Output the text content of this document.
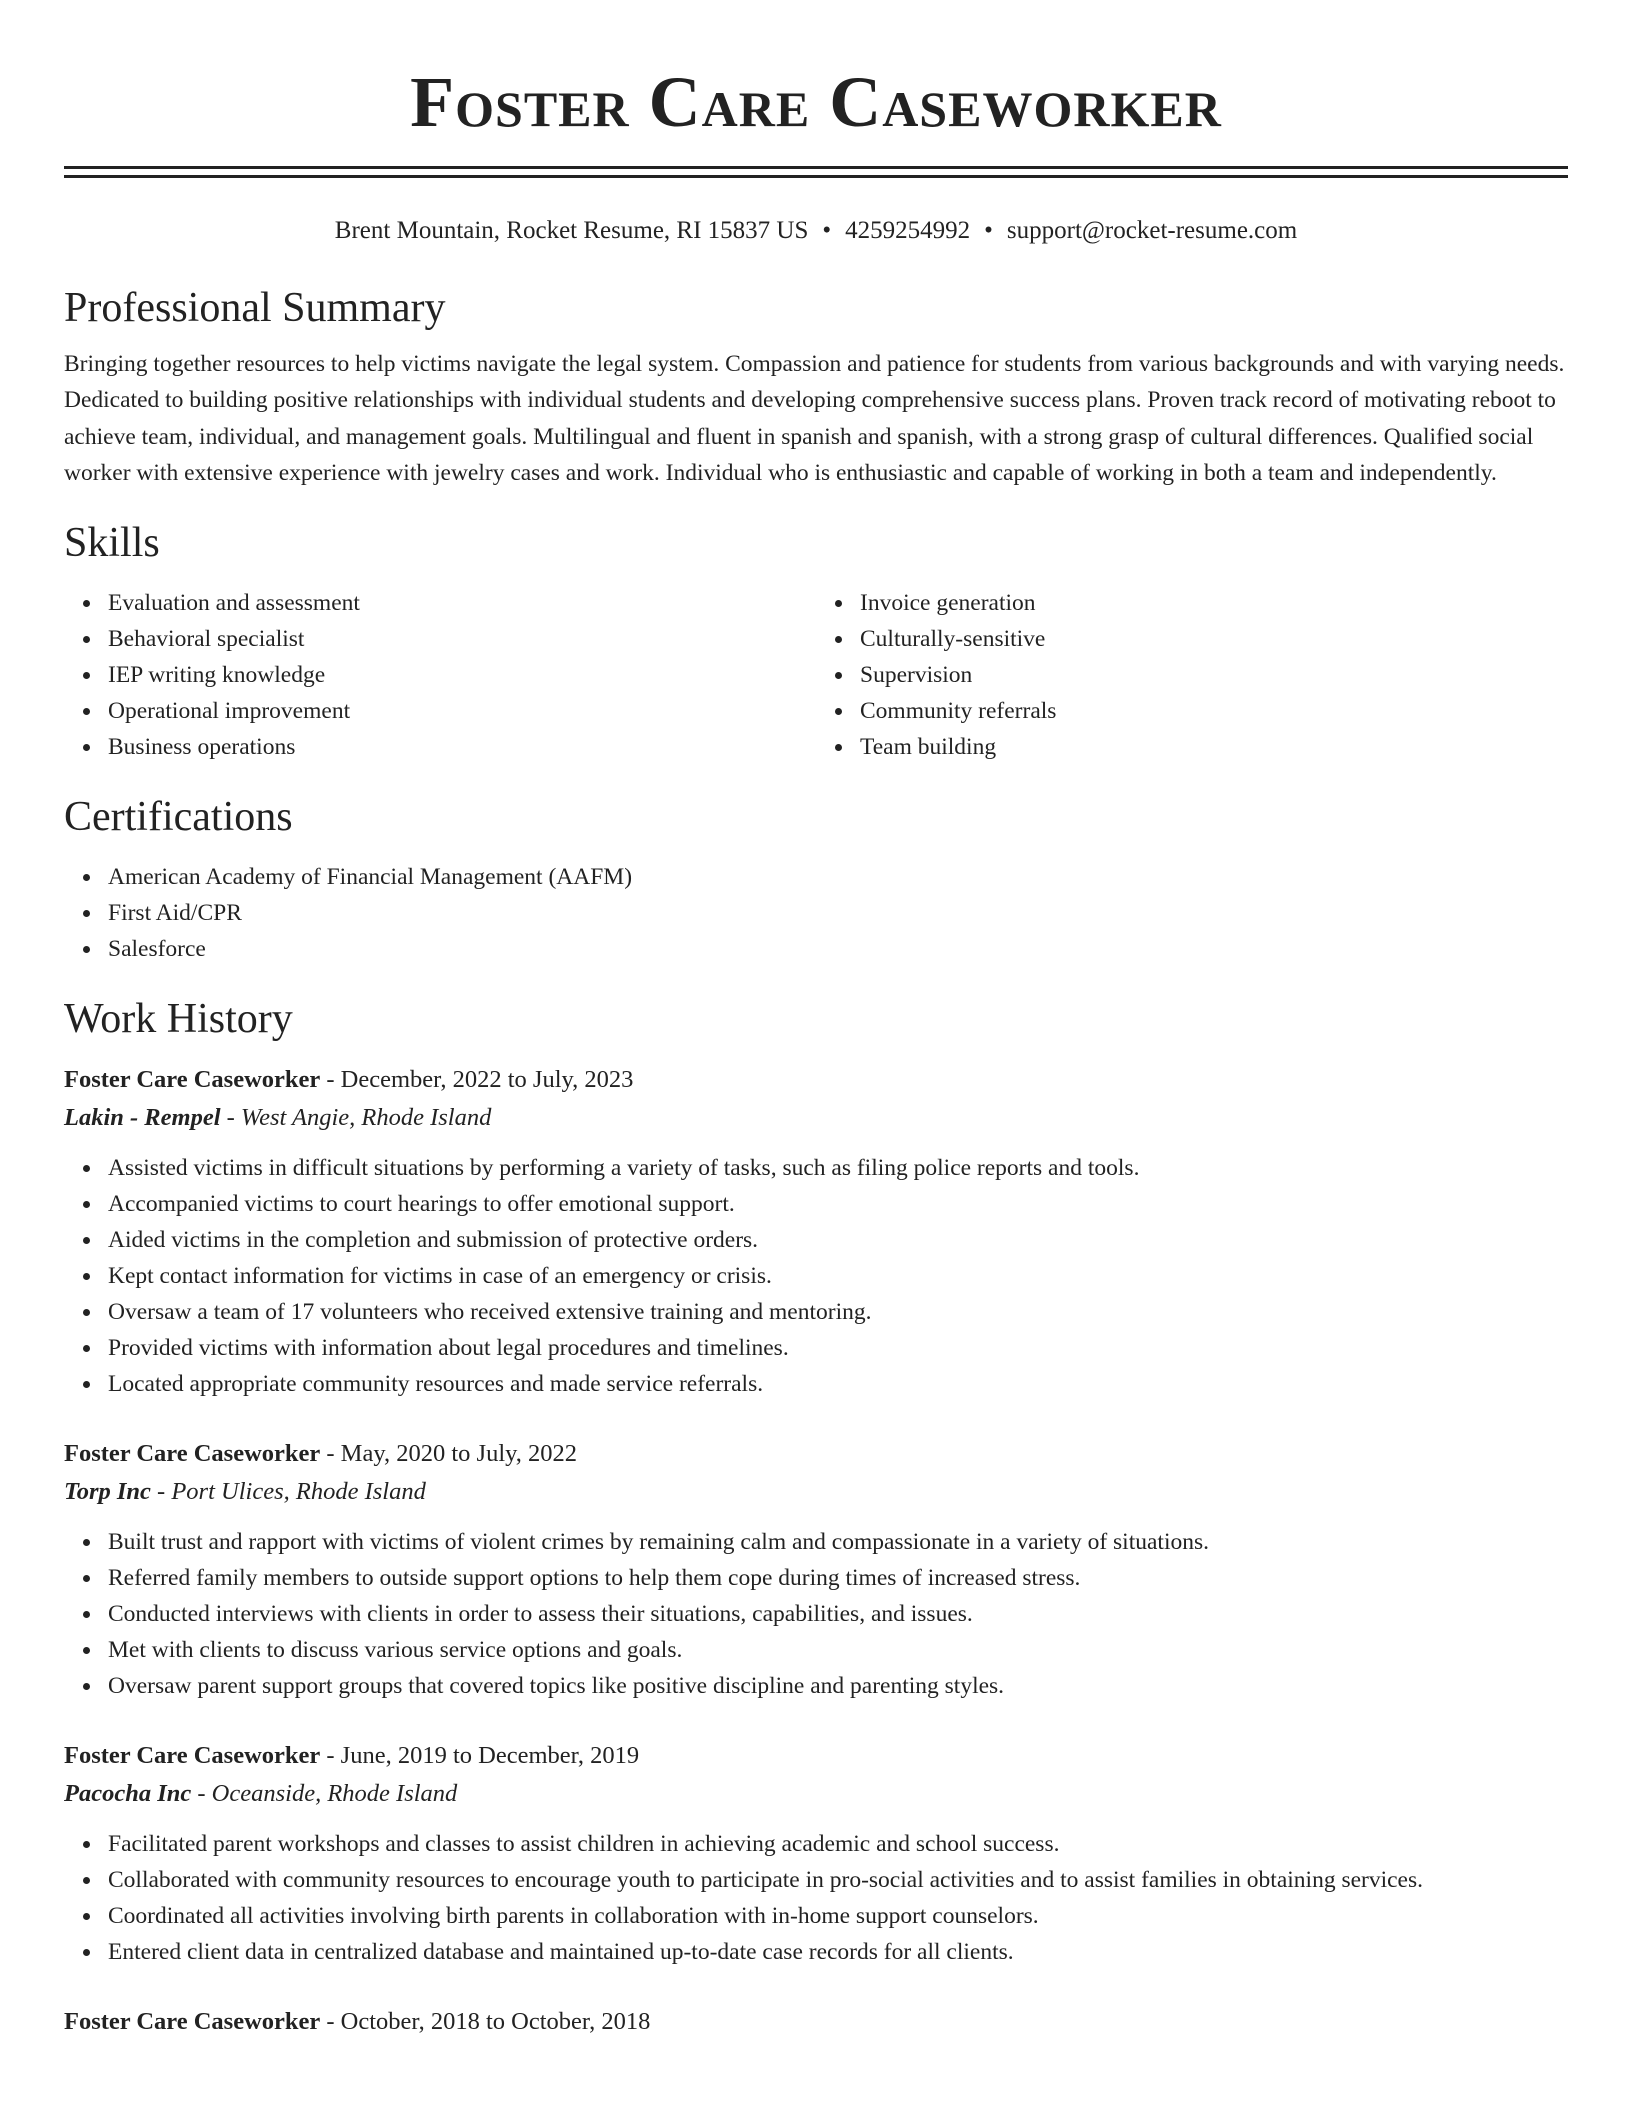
Foster Care Caseworker
Brent Mountain, Rocket Resume, RI 15837 US • 4259254992 • support@rocket-resume.com
Professional Summary
Bringing together resources to help victims navigate the legal system. Compassion and patience for students from various backgrounds and with varying needs. Dedicated to building positive relationships with individual students and developing comprehensive success plans. Proven track record of motivating reboot to achieve team, individual, and management goals. Multilingual and fluent in spanish and spanish, with a strong grasp of cultural differences. Qualified social worker with extensive experience with jewelry cases and work. Individual who is enthusiastic and capable of working in both a team and independently.
Skills
Evaluation and assessment
Behavioral specialist
IEP writing knowledge
Operational improvement
Business operations
Invoice generation
Culturally-sensitive
Supervision
Community referrals
Team building
Certifications
American Academy of Financial Management (AAFM)
First Aid/CPR
Salesforce
Work History
Foster Care Caseworker - December, 2022 to July, 2023
Lakin - Rempel - West Angie, Rhode Island
Assisted victims in difficult situations by performing a variety of tasks, such as filing police reports and tools.
Accompanied victims to court hearings to offer emotional support.
Aided victims in the completion and submission of protective orders.
Kept contact information for victims in case of an emergency or crisis.
Oversaw a team of 17 volunteers who received extensive training and mentoring.
Provided victims with information about legal procedures and timelines.
Located appropriate community resources and made service referrals.
Foster Care Caseworker - May, 2020 to July, 2022
Torp Inc - Port Ulices, Rhode Island
Built trust and rapport with victims of violent crimes by remaining calm and compassionate in a variety of situations.
Referred family members to outside support options to help them cope during times of increased stress.
Conducted interviews with clients in order to assess their situations, capabilities, and issues.
Met with clients to discuss various service options and goals.
Oversaw parent support groups that covered topics like positive discipline and parenting styles.
Foster Care Caseworker - June, 2019 to December, 2019
Pacocha Inc - Oceanside, Rhode Island
Facilitated parent workshops and classes to assist children in achieving academic and school success.
Collaborated with community resources to encourage youth to participate in pro-social activities and to assist families in obtaining services.
Coordinated all activities involving birth parents in collaboration with in-home support counselors.
Entered client data in centralized database and maintained up-to-date case records for all clients.
Foster Care Caseworker - October, 2018 to October, 2018
